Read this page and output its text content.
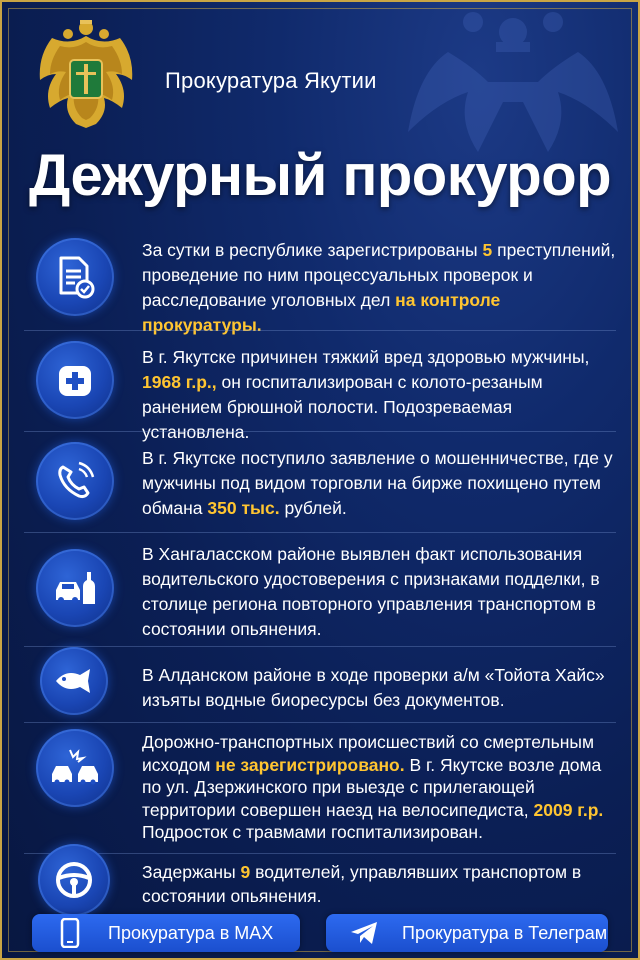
Прокуратура Якутии
Дежурный прокурор
За сутки в республике зарегистрированы 5 преступлений, проведение по ним процессуальных проверок и расследование уголовных дел на контроле прокуратуры.
В г. Якутске причинен тяжкий вред здоровью мужчины, 1968 г.р., он госпитализирован с колото-резаным ранением брюшной полости. Подозреваемая установлена.
В г. Якутске поступило заявление о мошенничестве, где у мужчины под видом торговли на бирже похищено путем обмана 350 тыс. рублей.
В Хангаласском районе выявлен факт использования водительского удостоверения с признаками подделки, в столице региона повторного управления транспортом в состоянии опьянения.
В Алданском районе в ходе проверки а/м «Тойота Хайс» изъяты водные биоресурсы без документов.
Дорожно-транспортных происшествий со смертельным исходом не зарегистрировано. В г. Якутске возле дома по ул. Дзержинского при выезде с прилегающей территории совершен наезд на велосипедиста, 2009 г.р. Подросток с травмами госпитализирован.
Задержаны 9 водителей, управлявших транспортом в состоянии опьянения.
Прокуратура в MAX	Прокуратура в Телеграм
